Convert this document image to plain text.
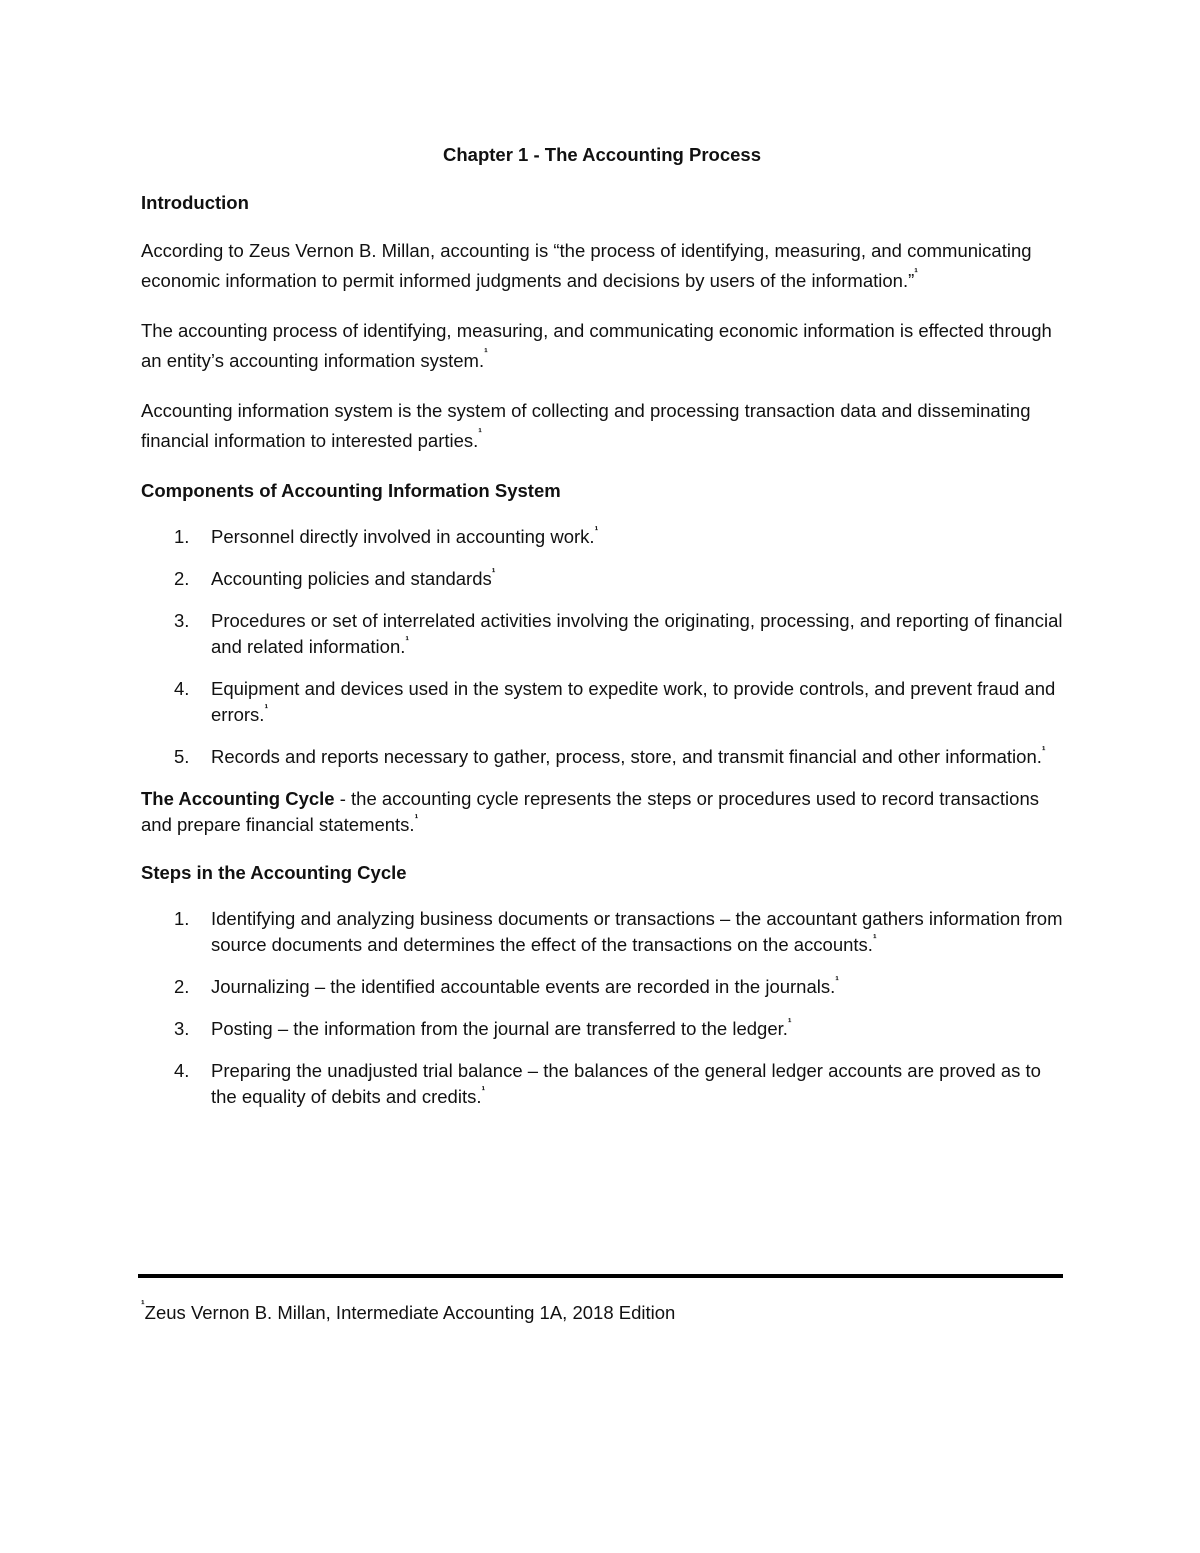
Chapter 1 - The Accounting Process
Introduction

According to Zeus Vernon B. Millan, accounting is “the process of identifying, measuring, and communicating economic information to permit informed judgments and decisions by users of the information.”$^{^1}$

The accounting process of identifying, measuring, and communicating economic information is effected through an entity’s accounting information system.$^{^1}$

Accounting information system is the system of collecting and processing transaction data and disseminating financial information to interested parties.$^{^1}$

Components of Accounting Information System
1. Personnel directly involved in accounting work.$^{^1}$
2. Accounting policies and standards$^{^1}$
3. Procedures or set of interrelated activities involving the originating, processing, and reporting of financial and related information.$^{^1}$
4. Equipment and devices used in the system to expedite work, to provide controls, and prevent fraud and errors.$^{^1}$
5. Records and reports necessary to gather, process, store, and transmit financial and other information.$^{^1}$

The Accounting Cycle - the accounting cycle represents the steps or procedures used to record transactions and prepare financial statements.$^{^1}$

Steps in the Accounting Cycle
1. Identifying and analyzing business documents or transactions – the accountant gathers information from source documents and determines the effect of the transactions on the accounts.$^{^1}$
2. Journalizing – the identified accountable events are recorded in the journals.$^{^1}$
3. Posting – the information from the journal are transferred to the ledger.$^{^1}$
4. Preparing the unadjusted trial balance – the balances of the general ledger accounts are proved as to the equality of debits and credits.$^{^1}$
$^{^1}$Zeus Vernon B. Millan, Intermediate Accounting 1A, 2018 Edition
